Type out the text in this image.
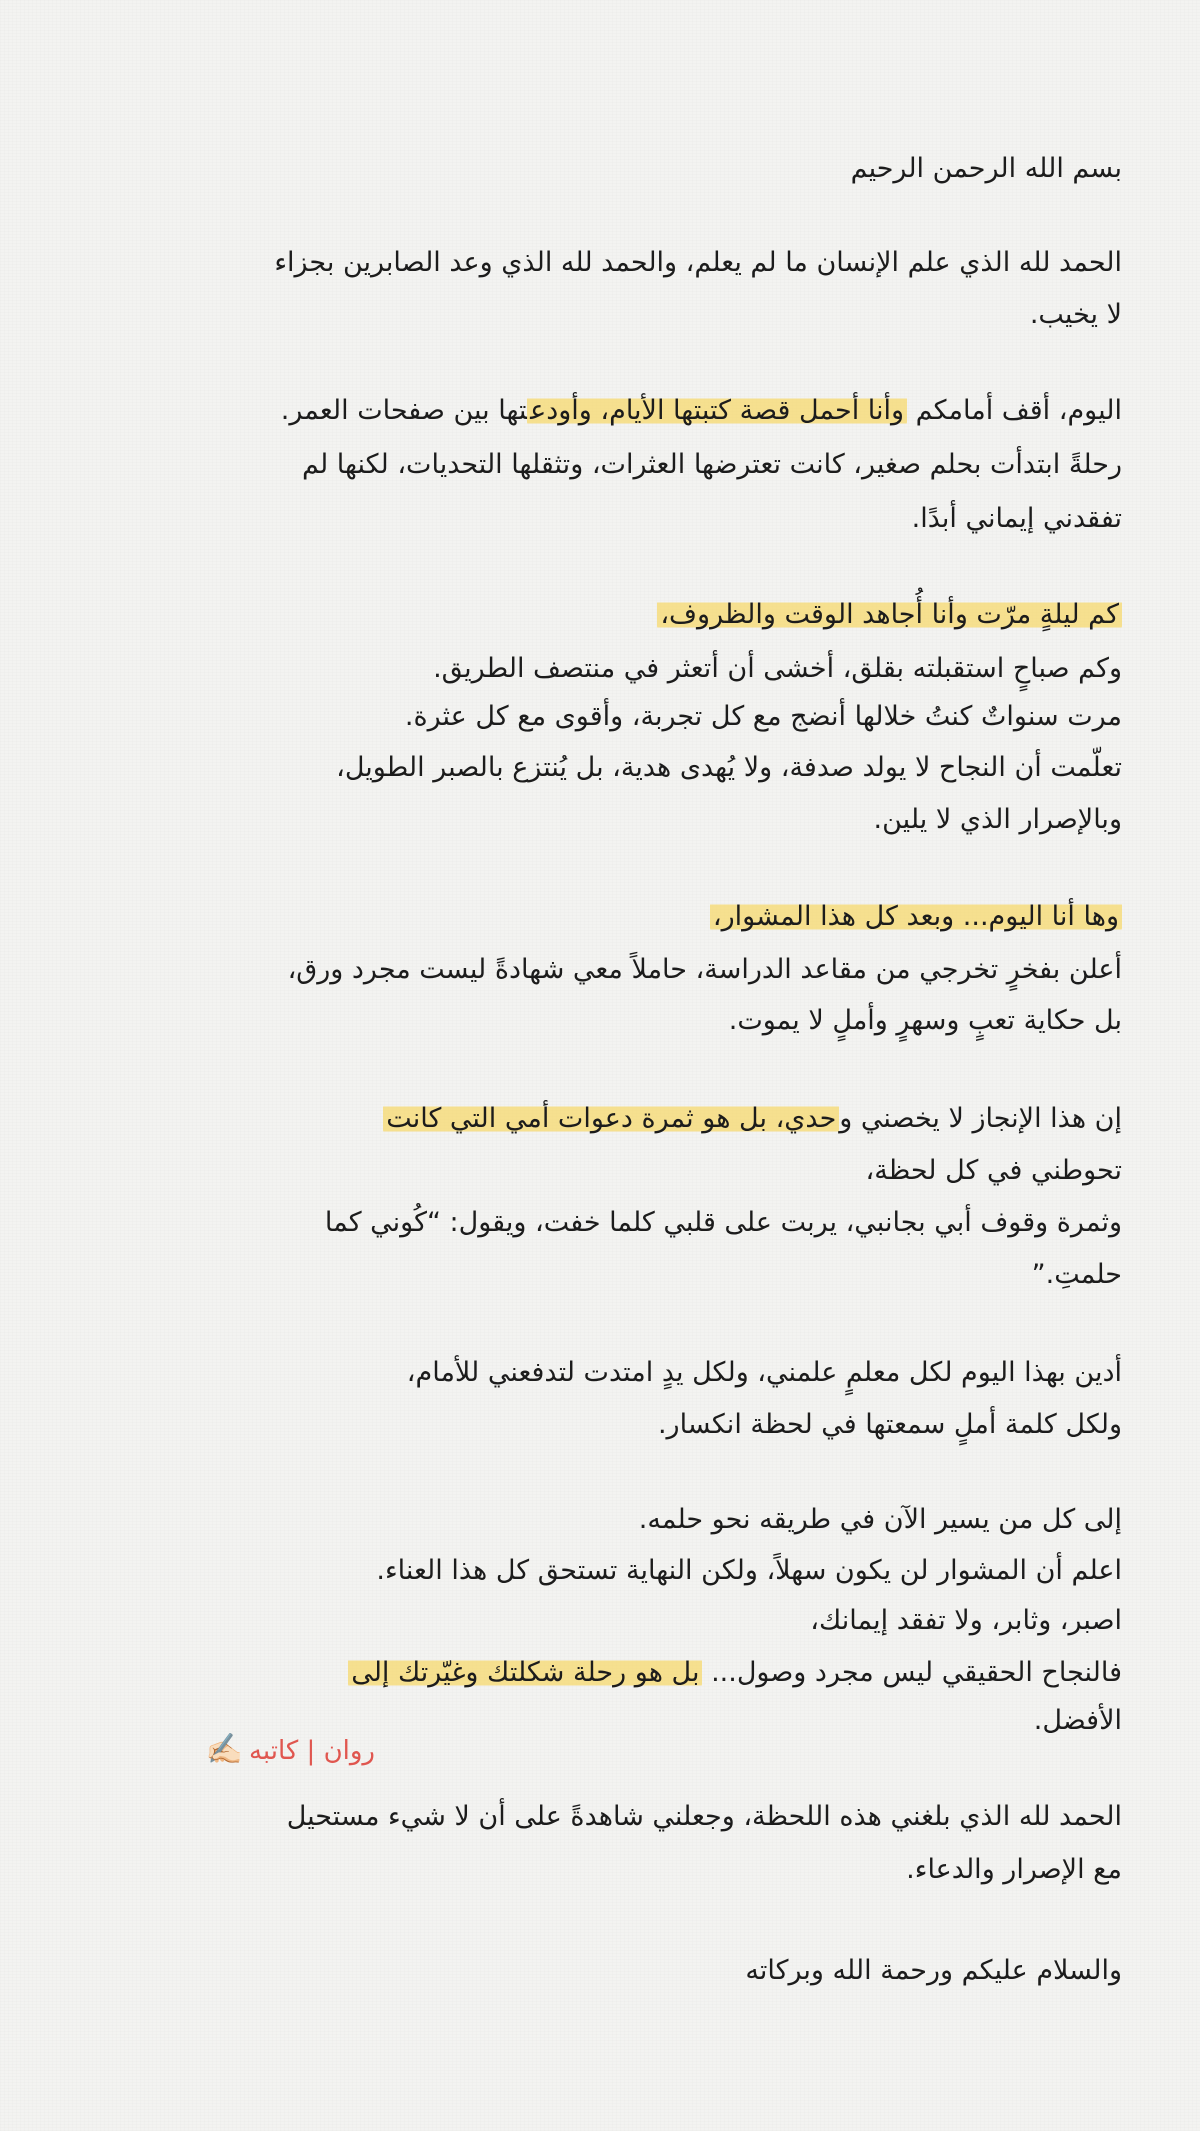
بسم الله الرحمن الرحيم
الحمد لله الذي علم الإنسان ما لم يعلم، والحمد لله الذي وعد الصابرين بجزاء
لا يخيب.
اليوم، أقف أمامكم وأنا أحمل قصة كتبتها الأيام، وأودعتها بين صفحات العمر.
رحلةً ابتدأت بحلم صغير، كانت تعترضها العثرات، وتثقلها التحديات، لكنها لم
تفقدني إيماني أبدًا.
كم ليلةٍ مرّت وأنا أُجاهد الوقت والظروف،
وكم صباحٍ استقبلته بقلق، أخشى أن أتعثر في منتصف الطريق.
مرت سنواتٌ كنتُ خلالها أنضج مع كل تجربة، وأقوى مع كل عثرة.
تعلّمت أن النجاح لا يولد صدفة، ولا يُهدى هدية، بل يُنتزع بالصبر الطويل،
وبالإصرار الذي لا يلين.
وها أنا اليوم... وبعد كل هذا المشوار،
أعلن بفخرٍ تخرجي من مقاعد الدراسة، حاملاً معي شهادةً ليست مجرد ورق،
بل حكاية تعبٍ وسهرٍ وأملٍ لا يموت.
إن هذا الإنجاز لا يخصني وحدي، بل هو ثمرة دعوات أمي التي كانت
تحوطني في كل لحظة،
وثمرة وقوف أبي بجانبي، يربت على قلبي كلما خفت، ويقول: “كُوني كما
حلمتِ.”
أدين بهذا اليوم لكل معلمٍ علمني، ولكل يدٍ امتدت لتدفعني للأمام،
ولكل كلمة أملٍ سمعتها في لحظة انكسار.
إلى كل من يسير الآن في طريقه نحو حلمه.
اعلم أن المشوار لن يكون سهلاً، ولكن النهاية تستحق كل هذا العناء.
اصبر، وثابر، ولا تفقد إيمانك،
فالنجاح الحقيقي ليس مجرد وصول... بل هو رحلة شكلتك وغيّرتك إلى
الأفضل.
روان | كاتبه✍🏻
الحمد لله الذي بلغني هذه اللحظة، وجعلني شاهدةً على أن لا شيء مستحيل
مع الإصرار والدعاء.
والسلام عليكم ورحمة الله وبركاته
